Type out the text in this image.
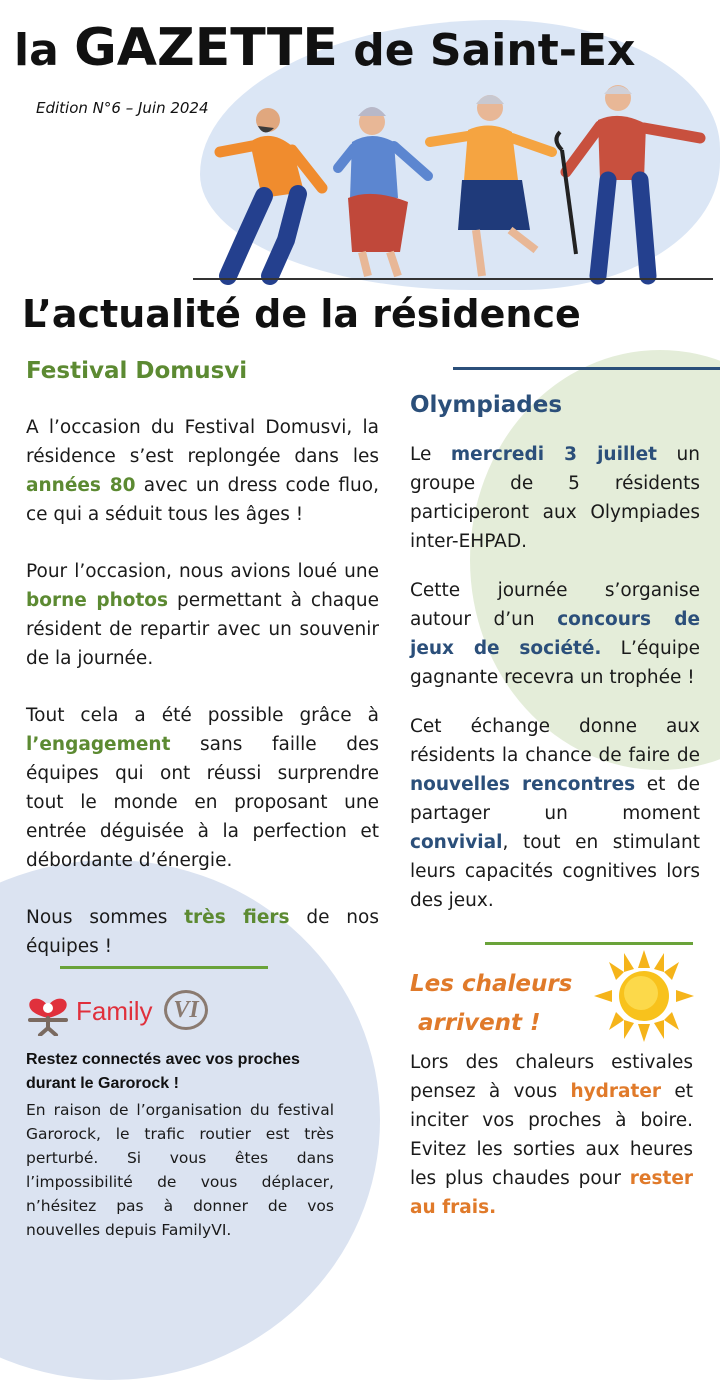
la GAZETTE de Saint-Ex
Edition N°6 – Juin 2024
L’actualité de la résidence
Festival Domusvi

A l’occasion du Festival Domusvi, la résidence s’est replongée dans les années 80 avec un dress code fluo, ce qui a séduit tous les âges !

Pour l’occasion, nous avions loué une borne photos permettant à chaque résident de repartir avec un souvenir de la journée.

Tout cela a été possible grâce à l’engagement sans faille des équipes qui ont réussi surprendre tout le monde en proposant une entrée déguisée à la perfection et débordante d’énergie.

Nous sommes très fiers de nos équipes !

Olympiades

Le mercredi 3 juillet un groupe de 5 résidents participeront aux Olympiades inter-EHPAD.

Cette journée s’organise autour d’un concours de jeux de société. L’équipe gagnante recevra un trophée !

Cet échange donne aux résidents la chance de faire de nouvelles rencontres et de partager un moment convivial, tout en stimulant leurs capacités cognitives lors des jeux.

Family VI
Restez connectés avec vos proches durant le Garorock !
En raison de l’organisation du festival Garorock, le trafic routier est très perturbé. Si vous êtes dans l’impossibilité de vous déplacer, n’hésitez pas à donner de vos nouvelles depuis FamilyVI.
Les chaleurs
arrivent !

Lors des chaleurs estivales pensez à vous hydrater et inciter vos proches à boire. Evitez les sorties aux heures les plus chaudes pour rester au frais.
